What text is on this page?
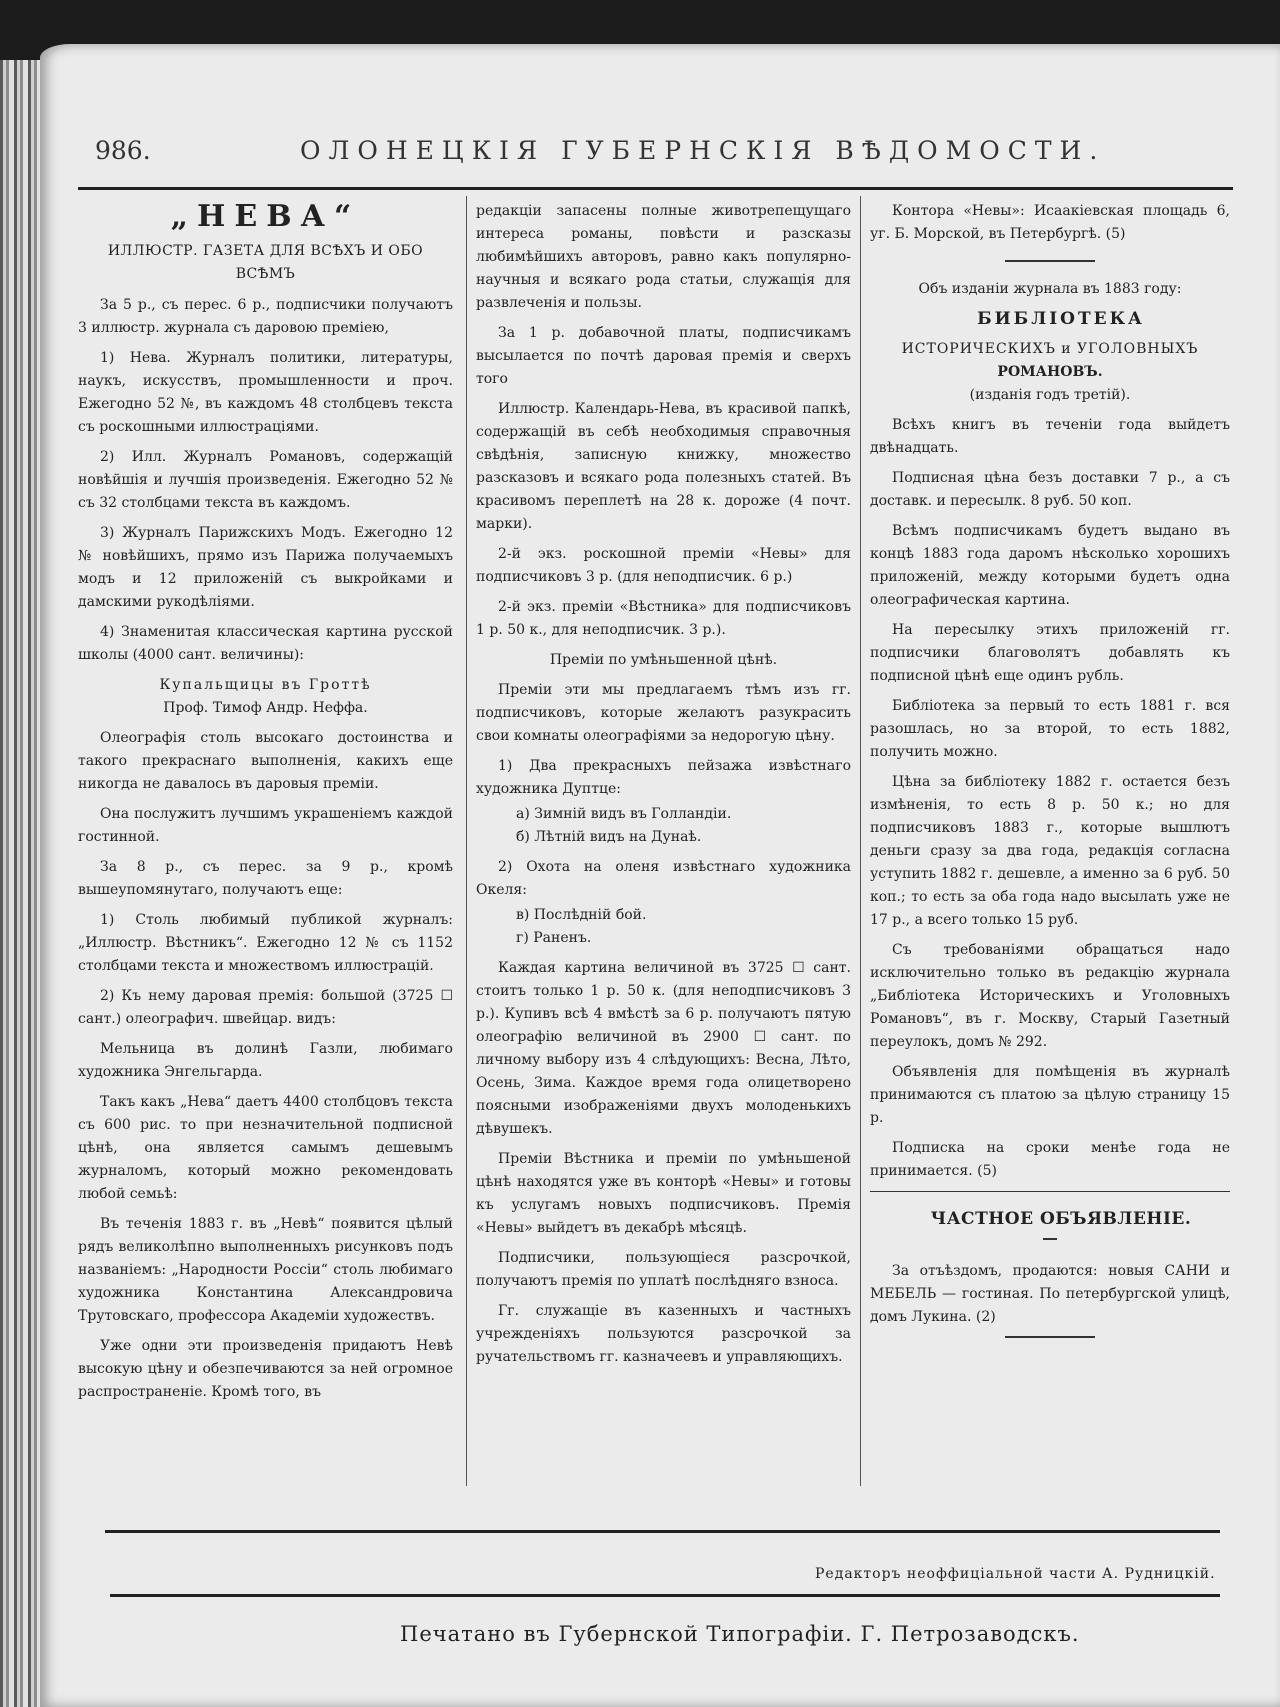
986.	ОЛОНЕЦКІЯ ГУБЕРНСКІЯ ВѢДОМОСТИ.
„НЕВА“
ИЛЛЮСТР. ГАЗЕТА ДЛЯ ВСѢХЪ И ОБО ВСѢМЪ

За 5 р., съ перес. 6 р., подписчики получаютъ 3 иллюстр. журнала съ даровою преміею,

1) Нева. Журналъ политики, литературы, наукъ, искусствъ, промышленности и проч. Ежегодно 52 №, въ каждомъ 48 столбцевъ текста съ роскошными иллюстраціями.

2) Илл. Журналъ Романовъ, содержащій новѣйшія и лучшія произведенія. Ежегодно 52 № съ 32 столбцами текста въ каждомъ.

3) Журналъ Парижскихъ Модъ. Ежегодно 12 № новѣйшихъ, прямо изъ Парижа получаемыхъ модъ и 12 приложеній съ выкройками и дамскими рукодѣліями.

4) Знаменитая классическая картина русской школы (4000 сант. величины):

Купальщицы въ Гроттѣ

Проф. Тимоф Андр. Неффа.

Олеографія столь высокаго достоинства и такого прекраснаго выполненія, какихъ еще никогда не давалось въ даровыя преміи.

Она послужитъ лучшимъ украшеніемъ каждой гостинной.

За 8 р., съ перес. за 9 р., кромѣ вышеупомянутаго, получаютъ еще:

1) Столь любимый публикой журналъ: „Иллюстр. Вѣстникъ“. Ежегодно 12 № съ 1152 столбцами текста и множествомъ иллюстрацій.

2) Къ нему даровая премія: большой (3725 ☐ сант.) олеографич. швейцар. видъ:

Мельница въ долинѣ Газли, любимаго художника Энгельгарда.

Такъ какъ „Нева“ даетъ 4400 столбцовъ текста съ 600 рис. то при незначительной подписной цѣнѣ, она является самымъ дешевымъ журналомъ, который можно рекомендовать любой семьѣ:

Въ теченія 1883 г. въ „Невѣ“ появится цѣлый рядъ великолѣпно выполненныхъ рисунковъ подъ названіемъ: „Народности Россіи“ столь любимаго художника Константина Александровича Трутовскаго, профессора Академіи художествъ.

Уже одни эти произведенія придаютъ Невѣ высокую цѣну и обезпечиваются за ней огромное распространеніе. Кромѣ того, въ

редакціи запасены полные животрепещущаго интереса романы, повѣсти и разсказы любимѣйшихъ авторовъ, равно какъ популярно-научныя и всякаго рода статьи, служащія для развлеченія и пользы.

За 1 р. добавочной платы, подписчикамъ высылается по почтѣ даровая премія и сверхъ того

Иллюстр. Календарь-Нева, въ красивой папкѣ, содержащій въ себѣ необходимыя справочныя свѣдѣнія, записную книжку, множество разсказовъ и всякаго рода полезныхъ статей. Въ красивомъ переплетѣ на 28 к. дороже (4 почт. марки).

2-й экз. роскошной преміи «Невы» для подписчиковъ 3 р. (для неподписчик. 6 р.)

2-й экз. преміи «Вѣстника» для подписчиковъ 1 р. 50 к., для неподписчик. 3 р.).

Преміи по умѣньшенной цѣнѣ.

Преміи эти мы предлагаемъ тѣмъ изъ гг. подписчиковъ, которые желаютъ разукрасить свои комнаты олеографіями за недорогую цѣну.

1) Два прекрасныхъ пейзажа извѣстнаго художника Дуптце:

а) Зимній видъ въ Голландіи.

б) Лѣтній видъ на Дунаѣ.

2) Охота на оленя извѣстнаго художника Океля:

в) Послѣдній бой.

г) Раненъ.

Каждая картина величиной въ 3725 ☐ сант. стоитъ только 1 р. 50 к. (для неподписчиковъ 3 р.). Купивъ всѣ 4 вмѣстѣ за 6 р. получаютъ пятую олеографію величиной въ 2900 ☐ сант. по личному выбору изъ 4 слѣдующихъ: Весна, Лѣто, Осень, Зима. Каждое время года олицетворено поясными изображеніями двухъ молоденькихъ дѣвушекъ.

Преміи Вѣстника и преміи по умѣньшеной цѣнѣ находятся уже въ конторѣ «Невы» и готовы къ услугамъ новыхъ подписчиковъ. Премія «Невы» выйдетъ въ декабрѣ мѣсяцѣ.

Подписчики, пользующіеся разсрочкой, получаютъ премія по уплатѣ послѣдняго взноса.

Гг. служащіе въ казенныхъ и частныхъ учрежденіяхъ пользуются разсрочкой за ручательствомъ гг. казначеевъ и управляющихъ.

Контора «Невы»: Исаакіевская площадь 6, уг. Б. Морской, въ Петербургѣ. (5)

Объ изданіи журнала въ 1883 году:

БИБЛІОТЕКА

ИСТОРИЧЕСКИХЪ и УГОЛОВНЫХЪ

РОМАНОВЪ.

(изданія годъ третій).

Всѣхъ книгъ въ теченіи года выйдетъ двѣнадцать.

Подписная цѣна безъ доставки 7 р., а съ доставк. и пересылк. 8 руб. 50 коп.

Всѣмъ подписчикамъ будетъ выдано въ концѣ 1883 года даромъ нѣсколько хорошихъ приложеній, между которыми будетъ одна олеографическая картина.

На пересылку этихъ приложеній гг. подписчики благоволятъ добавлять къ подписной цѣнѣ еще одинъ рубль.

Библіотека за первый то есть 1881 г. вся разошлась, но за второй, то есть 1882, получить можно.

Цѣна за библіотеку 1882 г. остается безъ измѣненія, то есть 8 р. 50 к.; но для подписчиковъ 1883 г., которые вышлютъ деньги сразу за два года, редакція согласна уступить 1882 г. дешевле, а именно за 6 руб. 50 коп.; то есть за оба года надо высылать уже не 17 р., а всего только 15 руб.

Съ требованіями обращаться надо исключительно только въ редакцію журнала „Библіотека Историческихъ и Уголовныхъ Романовъ“, въ г. Москву, Старый Газетный переулокъ, домъ № 292.

Объявленія для помѣщенія въ журналѣ принимаются съ платою за цѣлую страницу 15 р.

Подписка на сроки менѣе года не принимается. (5)

ЧАСТНОЕ ОБЪЯВЛЕНІЕ.

За отъѣздомъ, продаются: новыя САНИ и МЕБЕЛЬ — гостиная. По петербургской улицѣ, домъ Лукина. (2)

Редакторъ неоффиціальной части А. Рудницкій.
Печатано въ Губернской Типографіи. Г. Петрозаводскъ.
